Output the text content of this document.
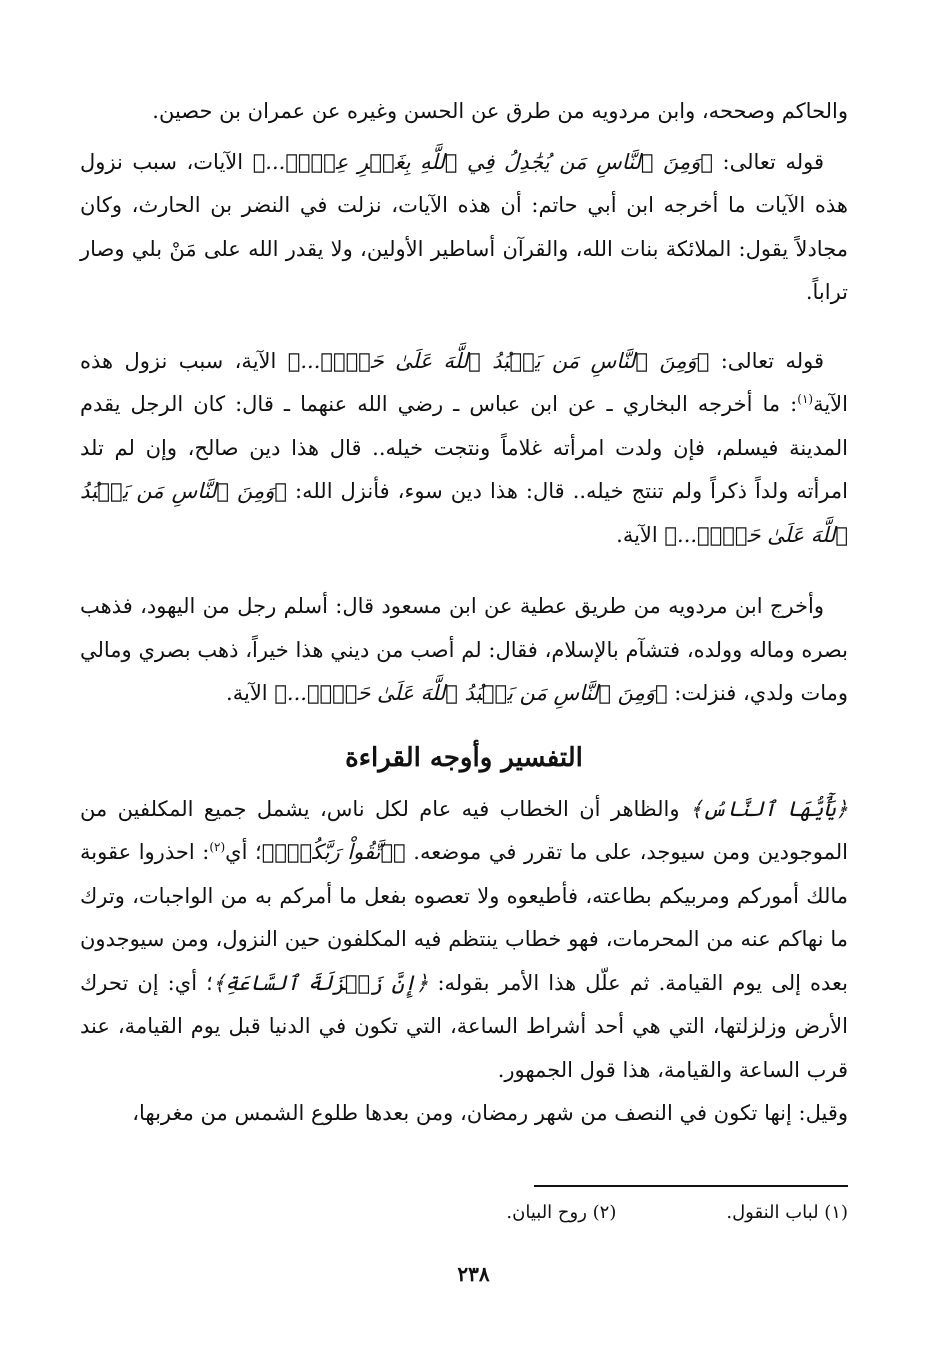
والحاكم وصححه، وابن مردويه من طرق عن الحسن وغيره عن عمران بن حصين.

قوله تعالى: ﴿وَمِنَ ٱلنَّاسِ مَن يُجَٰدِلُ فِي ٱللَّهِ بِغَيۡرِ عِلۡمٖ...﴾ الآيات، سبب نزول هذه الآيات ما أخرجه ابن أبي حاتم: أن هذه الآيات، نزلت في النضر بن الحارث، وكان مجادلاً يقول: الملائكة بنات الله، والقرآن أساطير الأولين، ولا يقدر الله على مَنْ بلي وصار تراباً.

قوله تعالى: ﴿وَمِنَ ٱلنَّاسِ مَن يَعۡبُدُ ٱللَّهَ عَلَىٰ حَرۡفٖ...﴾ الآية، سبب نزول هذه الآية$^{(١)}$: ما أخرجه البخاري ـ عن ابن عباس ـ رضي الله عنهما ـ قال: كان الرجل يقدم المدينة فيسلم، فإن ولدت امرأته غلاماً ونتجت خيله.. قال هذا دين صالح، وإن لم تلد امرأته ولداً ذكراً ولم تنتج خيله.. قال: هذا دين سوء، فأنزل الله: ﴿وَمِنَ ٱلنَّاسِ مَن يَعۡبُدُ ٱللَّهَ عَلَىٰ حَرۡفٖ...﴾ الآية.

وأخرج ابن مردويه من طريق عطية عن ابن مسعود قال: أسلم رجل من اليهود، فذهب بصره وماله وولده، فتشآم بالإسلام، فقال: لم أصب من ديني هذا خيراً، ذهب بصري ومالي ومات ولدي، فنزلت: ﴿وَمِنَ ٱلنَّاسِ مَن يَعۡبُدُ ٱللَّهَ عَلَىٰ حَرۡفٖ...﴾ الآية.

التفسير وأوجه القراءة

﴿يَٰٓأَيُّهَا ٱلنَّاسُ﴾ والظاهر أن الخطاب فيه عام لكل ناس، يشمل جميع المكلفين من الموجودين ومن سيوجد، على ما تقرر في موضعه. ﴿ٱتَّقُواْ رَبَّكُمۡۚ﴾؛ أي$^{(٢)}$: احذروا عقوبة مالك أموركم ومربيكم بطاعته، فأطيعوه ولا تعصوه بفعل ما أمركم به من الواجبات، وترك ما نهاكم عنه من المحرمات، فهو خطاب ينتظم فيه المكلفون حين النزول، ومن سيوجدون بعده إلى يوم القيامة. ثم علّل هذا الأمر بقوله: ﴿إِنَّ زَلۡزَلَةَ ٱلسَّاعَةِ﴾؛ أي: إن تحرك الأرض وزلزلتها، التي هي أحد أشراط الساعة، التي تكون في الدنيا قبل يوم القيامة، عند قرب الساعة والقيامة، هذا قول الجمهور.

وقيل: إنها تكون في النصف من شهر رمضان، ومن بعدها طلوع الشمس من مغربها،

(١) لباب النقول.
(٢) روح البيان.
٢٣٨
